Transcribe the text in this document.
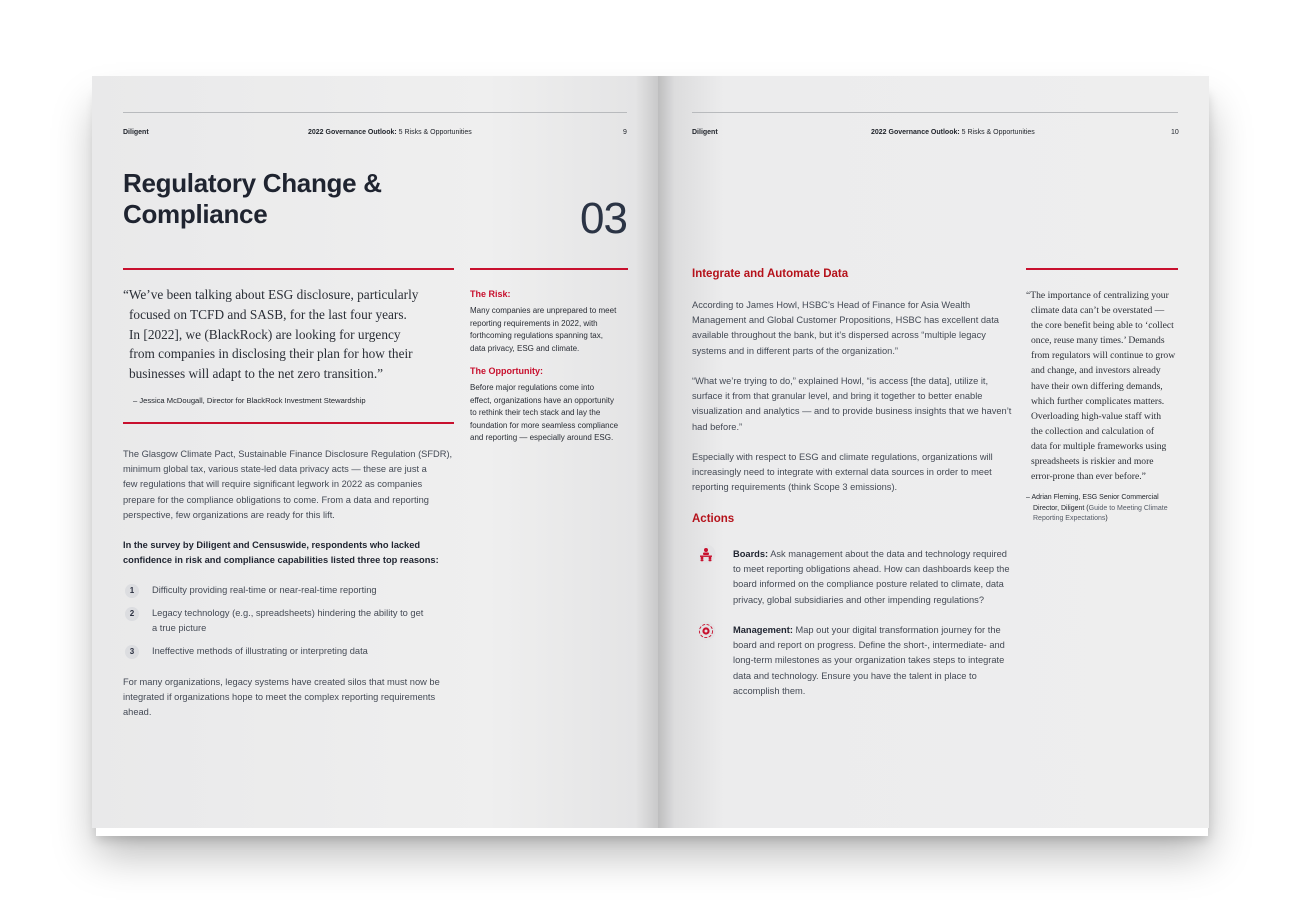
Diligent	2022 Governance Outlook: 5 Risks & Opportunities	9
Regulatory Change &
Compliance	03
“We’ve been talking about ESG disclosure, particularly
focused on TCFD and SASB, for the last four years.
In [2022], we (BlackRock) are looking for urgency
from companies in disclosing their plan for how their
businesses will adapt to the net zero transition.”
– Jessica McDougall, Director for BlackRock Investment Stewardship
The Risk:
Many companies are unprepared to meet
reporting requirements in 2022, with
forthcoming regulations spanning tax,
data privacy, ESG and climate.
The Opportunity:
Before major regulations come into
effect, organizations have an opportunity
to rethink their tech stack and lay the
foundation for more seamless compliance
and reporting — especially around ESG.
The Glasgow Climate Pact, Sustainable Finance Disclosure Regulation (SFDR),
minimum global tax, various state-led data privacy acts — these are just a
few regulations that will require significant legwork in 2022 as companies
prepare for the compliance obligations to come. From a data and reporting
perspective, few organizations are ready for this lift.
In the survey by Diligent and Censuswide, respondents who lacked
confidence in risk and compliance capabilities listed three top reasons:
1	Difficulty providing real-time or near-real-time reporting
2	Legacy technology (e.g., spreadsheets) hindering the ability to get
a true picture
3	Ineffective methods of illustrating or interpreting data
For many organizations, legacy systems have created silos that must now be
integrated if organizations hope to meet the complex reporting requirements
ahead.
Diligent	2022 Governance Outlook: 5 Risks & Opportunities	10
Integrate and Automate Data
According to James Howl, HSBC’s Head of Finance for Asia Wealth
Management and Global Customer Propositions, HSBC has excellent data
available throughout the bank, but it’s dispersed across “multiple legacy
systems and in different parts of the organization.”
“What we’re trying to do,” explained Howl, “is access [the data], utilize it,
surface it from that granular level, and bring it together to better enable
visualization and analytics — and to provide business insights that we haven’t
had before.”
Especially with respect to ESG and climate regulations, organizations will
increasingly need to integrate with external data sources in order to meet
reporting requirements (think Scope 3 emissions).
Actions
Boards: Ask management about the data and technology required
to meet reporting obligations ahead. How can dashboards keep the
board informed on the compliance posture related to climate, data
privacy, global subsidiaries and other impending regulations?
Management: Map out your digital transformation journey for the
board and report on progress. Define the short-, intermediate- and
long-term milestones as your organization takes steps to integrate
data and technology. Ensure you have the talent in place to
accomplish them.
“The importance of centralizing your
climate data can’t be overstated —
the core benefit being able to ‘collect
once, reuse many times.’ Demands
from regulators will continue to grow
and change, and investors already
have their own differing demands,
which further complicates matters.
Overloading high-value staff with
the collection and calculation of
data for multiple frameworks using
spreadsheets is riskier and more
error-prone than ever before.”
– Adrian Fleming, ESG Senior Commercial
Director, Diligent (Guide to Meeting Climate
Reporting Expectations)
